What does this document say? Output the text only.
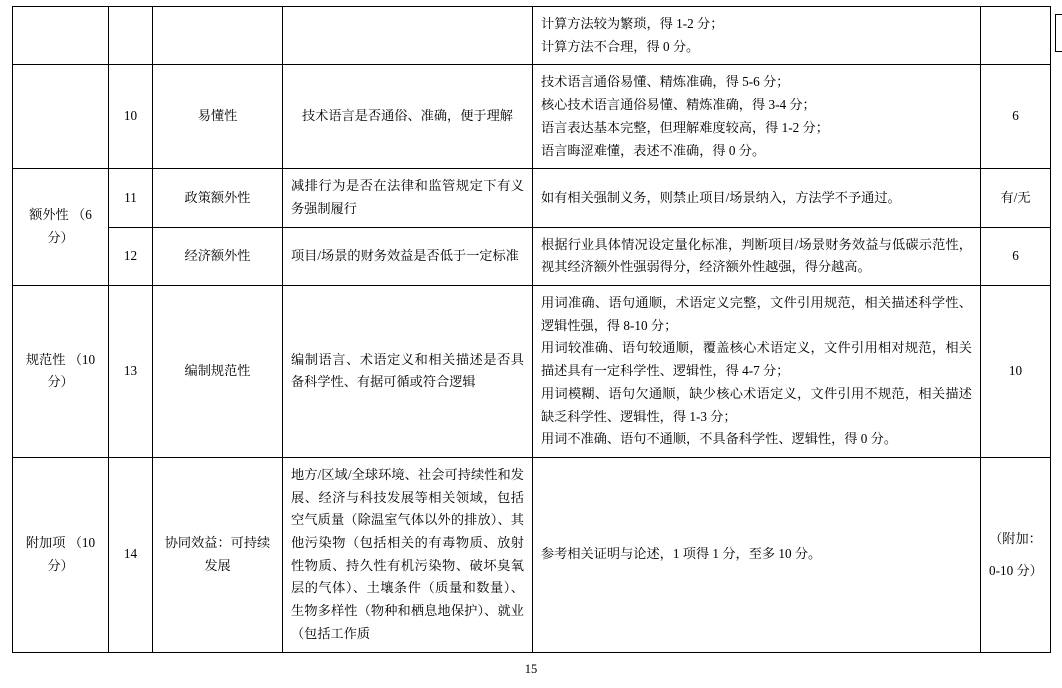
				计算方法较为繁琐，得 1-2 分；
计算方法不合理，得 0 分。	

	10	易懂性	技术语言是否通俗、准确，便于理解	技术语言通俗易懂、精炼准确，得 5-6 分；
核心技术语言通俗易懂、精炼准确，得 3-4 分；
语言表达基本完整，但理解难度较高，得 1-2 分；
语言晦涩难懂，表述不准确，得 0 分。	6
额外性 （6 分）	11	政策额外性	减排行为是否在法律和监管规定下有义务强制履行	如有相关强制义务，则禁止项目/场景纳入，方法学不予通过。	有/无
	12	经济额外性	项目/场景的财务效益是否低于一定标准	根据行业具体情况设定量化标准，判断项目/场景财务效益与低碳示范性，视其经济额外性强弱得分，经济额外性越强，得分越高。	6
规范性 （10 分）	13	编制规范性	编制语言、术语定义和相关描述是否具备科学性、有据可循或符合逻辑	用词准确、语句通顺，术语定义完整，文件引用规范，相关描述科学性、逻辑性强，得 8-10 分；
用词较准确、语句较通顺，覆盖核心术语定义，文件引用相对规范，相关描述具有一定科学性、逻辑性，得 4-7 分；
用词模糊、语句欠通顺，缺少核心术语定义，文件引用不规范，相关描述缺乏科学性、逻辑性，得 1-3 分；
用词不准确、语句不通顺，不具备科学性、逻辑性，得 0 分。	10
附加项 （10 分）	14	协同效益：可持续发展	地方/区域/全球环境、社会可持续性和发展、经济与科技发展等相关领域，包括空气质量（除温室气体以外的排放）、其他污染物（包括相关的有毒物质、放射性物质、持久性有机污染物、破坏臭氧层的气体）、土壤条件（质量和数量）、生物多样性（物种和栖息地保护）、就业（包括工作质	参考相关证明与论述，1 项得 1 分，至多 10 分。	（附加：
0-10 分）
15
